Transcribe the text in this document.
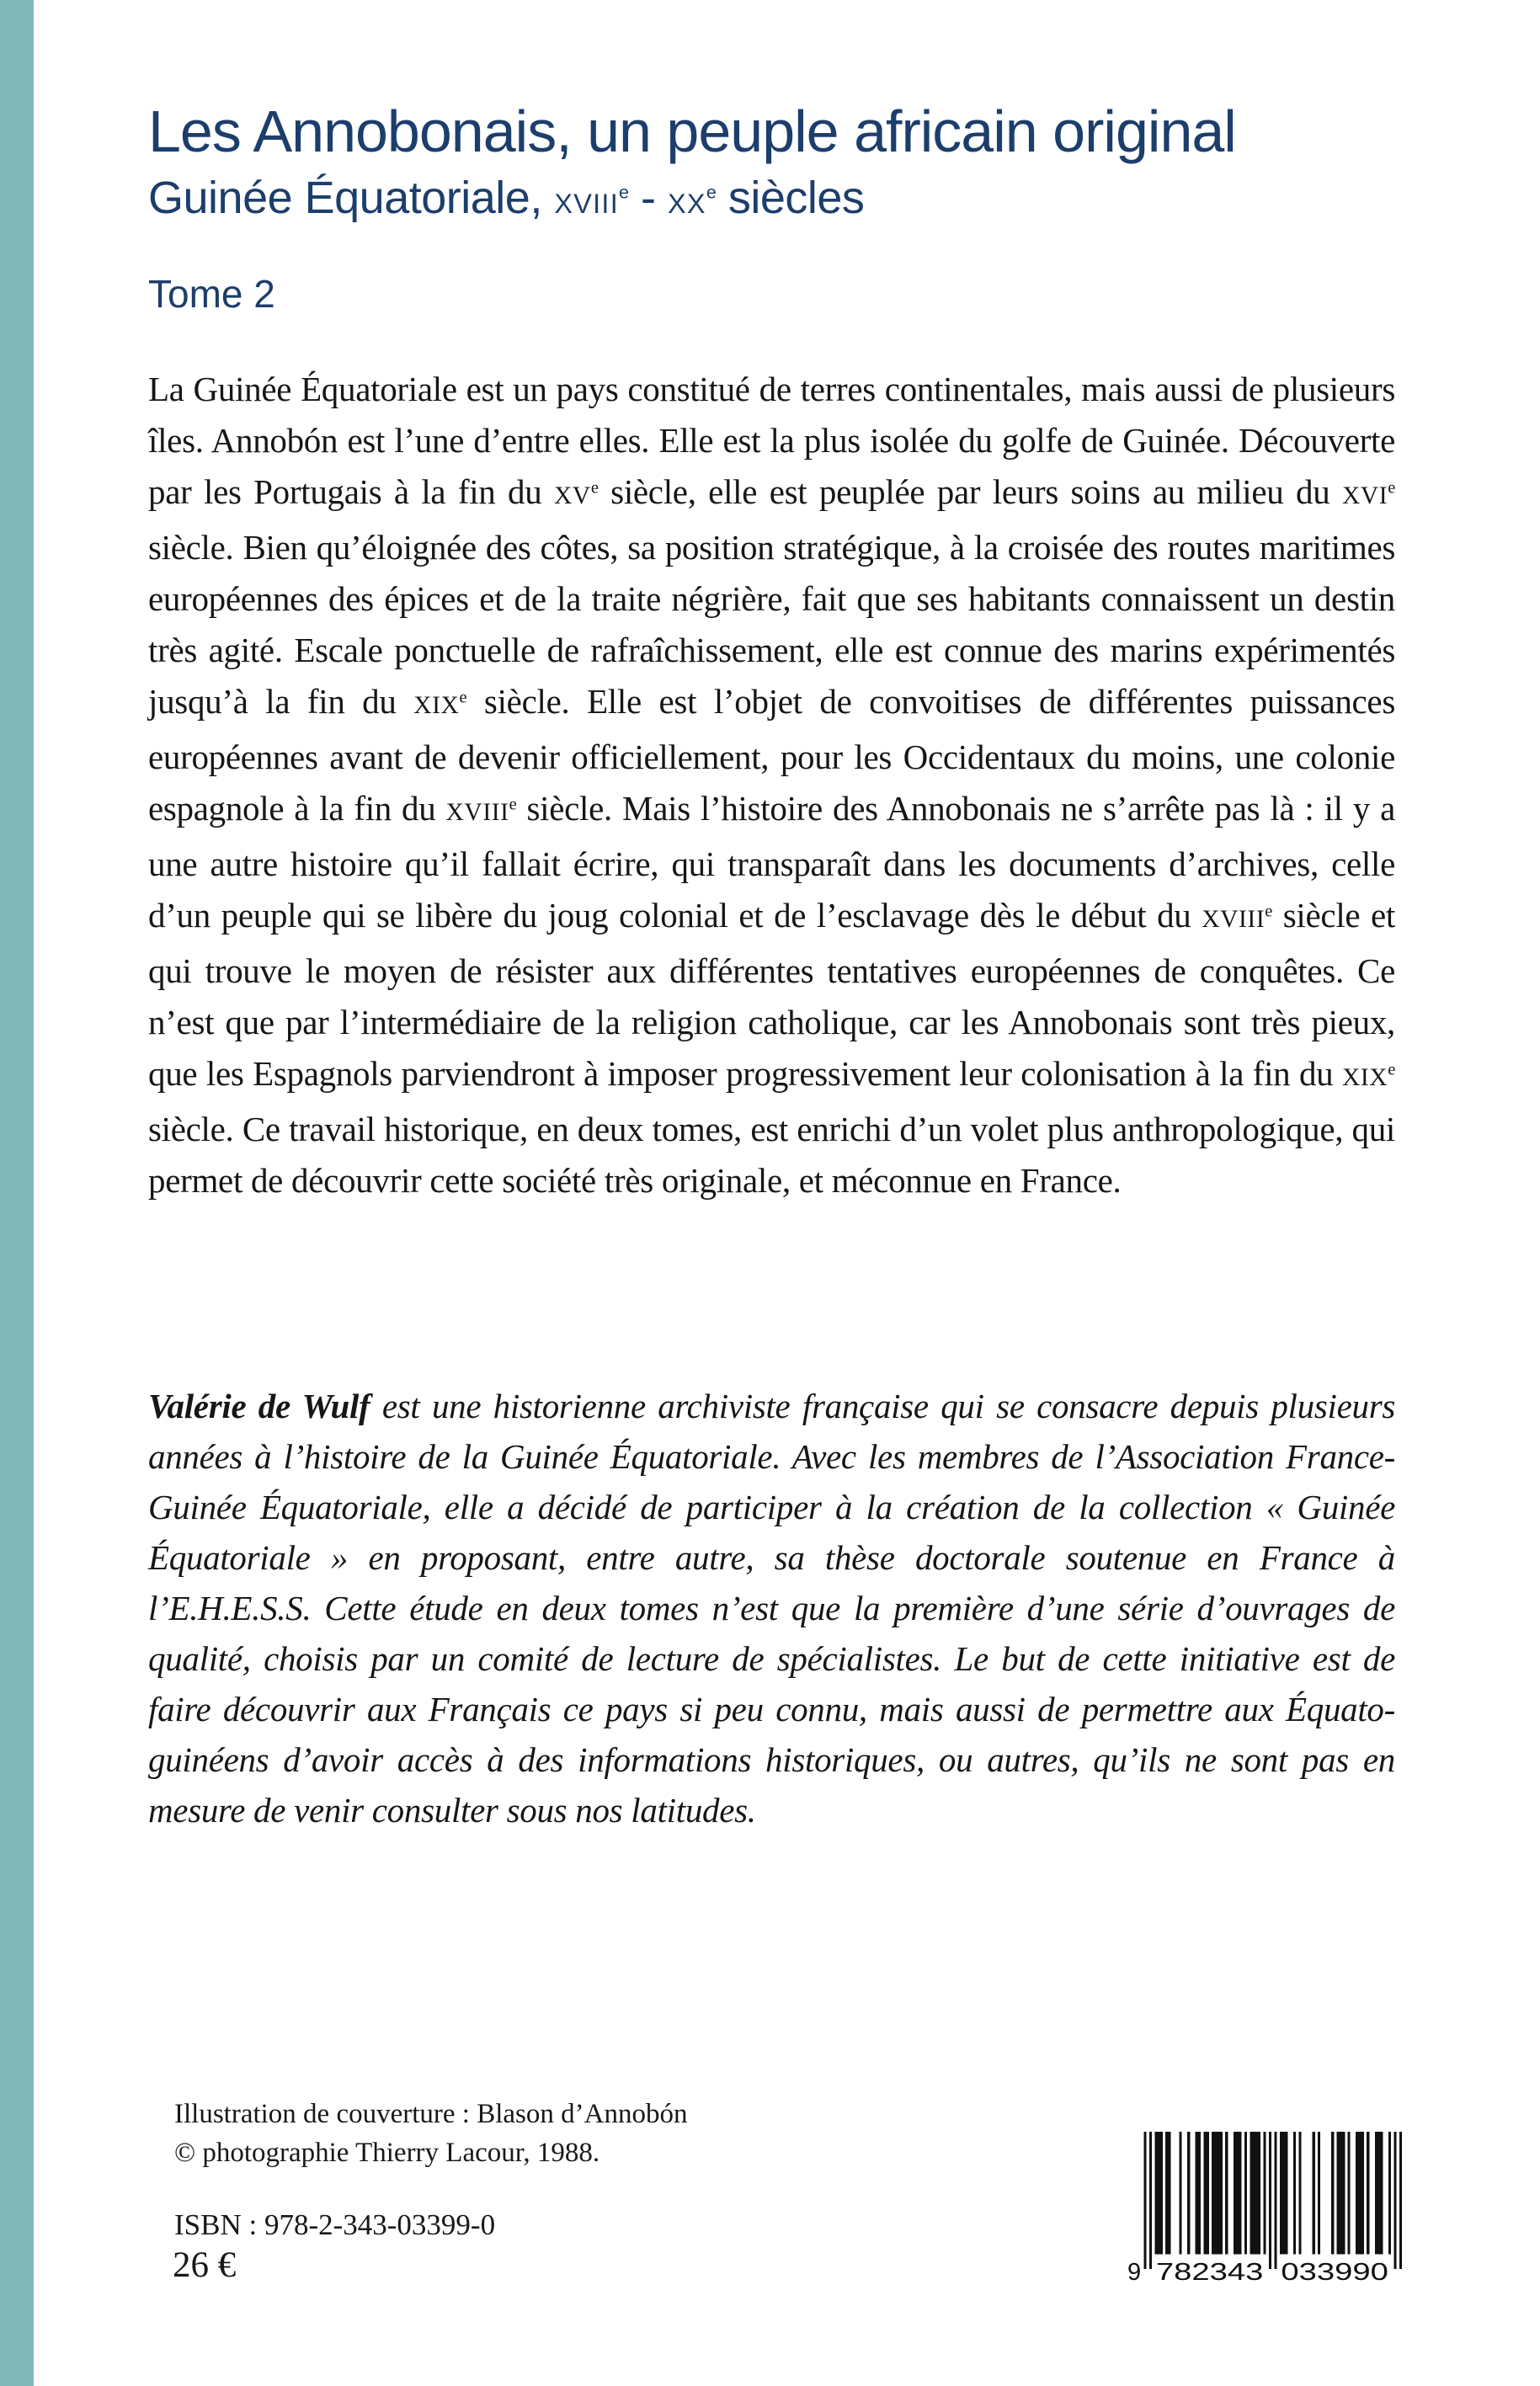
Les Annobonais, un peuple africain original
Guinée Équatoriale, XVIIIe - XXe siècles
Tome 2
La Guinée Équatoriale est un pays constitué de terres continentales, mais aussi de plusieurs îles. Annobón est l’une d’entre elles. Elle est la plus isolée du golfe de Guinée. Découverte par les Portugais à la fin du XVe siècle, elle est peuplée par leurs soins au milieu du XVIe siècle. Bien qu’éloignée des côtes, sa position stratégique, à la croisée des routes maritimes européennes des épices et de la traite négrière, fait que ses habitants connaissent un destin très agité. Escale ponctuelle de rafraîchissement, elle est connue des marins expérimentés jusqu’à la fin du XIXe siècle. Elle est l’objet de convoitises de différentes puissances européennes avant de devenir officiellement, pour les Occidentaux du moins, une colonie espagnole à la fin du XVIIIe siècle. Mais l’histoire des Annobonais ne s’arrête pas là : il y a une autre histoire qu’il fallait écrire, qui transparaît dans les documents d’archives, celle d’un peuple qui se libère du joug colonial et de l’esclavage dès le début du XVIIIe siècle et qui trouve le moyen de résister aux différentes tentatives européennes de conquêtes. Ce n’est que par l’intermédiaire de la religion catholique, car les Annobonais sont très pieux, que les Espagnols parviendront à imposer progressivement leur colonisation à la fin du XIXe siècle. Ce travail historique, en deux tomes, est enrichi d’un volet plus anthropologique, qui permet de découvrir cette société très originale, et méconnue en France.
Valérie de Wulf est une historienne archiviste française qui se consacre depuis plusieurs années à l’histoire de la Guinée Équatoriale. Avec les membres de l’Association France-Guinée Équatoriale, elle a décidé de participer à la création de la collection « Guinée Équatoriale » en proposant, entre autre, sa thèse doctorale soutenue en France à l’E.H.E.S.S. Cette étude en deux tomes n’est que la première d’une série d’ouvrages de qualité, choisis par un comité de lecture de spécialistes. Le but de cette initiative est de faire découvrir aux Français ce pays si peu connu, mais aussi de permettre aux Équato-guinéens d’avoir accès à des informations historiques, ou autres, qu’ils ne sont pas en mesure de venir consulter sous nos latitudes.
Illustration de couverture : Blason d’Annobón
© photographie Thierry Lacour, 1988.
ISBN : 978-2-343-03399-0
26 €	9 782343 033990
